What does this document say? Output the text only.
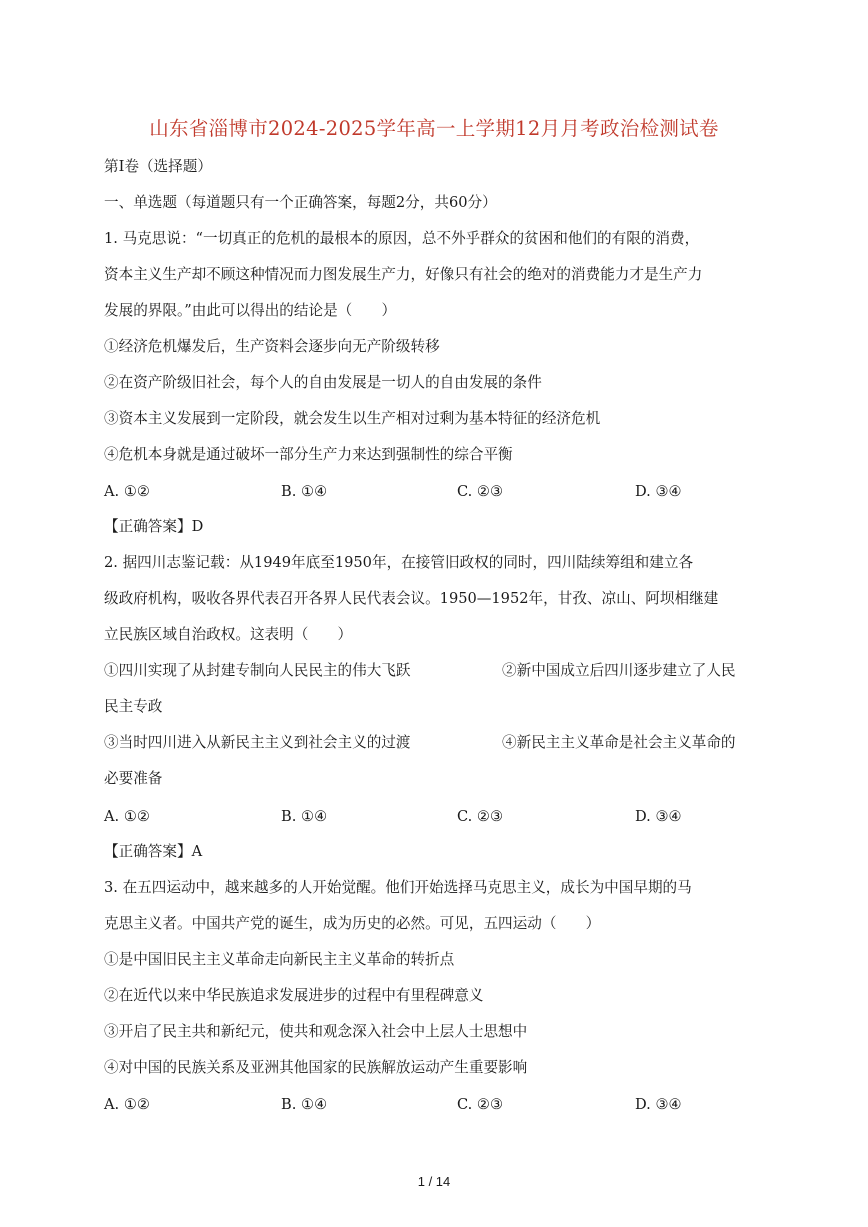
山东省淄博市2024-2025学年高一上学期12月月考政治检测试卷
第Ⅰ卷（选择题）
一、单选题（每道题只有一个正确答案，每题2分，共60分）
1. 马克思说：“一切真正的危机的最根本的原因，总不外乎群众的贫困和他们的有限的消费，
资本主义生产却不顾这种情况而力图发展生产力，好像只有社会的绝对的消费能力才是生产力
发展的界限。”由此可以得出的结论是（　　）
①经济危机爆发后，生产资料会逐步向无产阶级转移
②在资产阶级旧社会，每个人的自由发展是一切人的自由发展的条件
③资本主义发展到一定阶段，就会发生以生产相对过剩为基本特征的经济危机
④危机本身就是通过破坏一部分生产力来达到强制性的综合平衡
A. ①②	B. ①④	C. ②③	D. ③④
【正确答案】D
2. 据四川志鉴记载：从1949年底至1950年，在接管旧政权的同时，四川陆续筹组和建立各
级政府机构，吸收各界代表召开各界人民代表会议。1950—1952年，甘孜、凉山、阿坝相继建
立民族区域自治政权。这表明（　　）
①四川实现了从封建专制向人民民主的伟大飞跃	②新中国成立后四川逐步建立了人民
民主专政
③当时四川进入从新民主主义到社会主义的过渡	④新民主主义革命是社会主义革命的
必要准备
A. ①②	B. ①④	C. ②③	D. ③④
【正确答案】A
3. 在五四运动中，越来越多的人开始觉醒。他们开始选择马克思主义，成长为中国早期的马
克思主义者。中国共产党的诞生，成为历史的必然。可见，五四运动（　　）
①是中国旧民主主义革命走向新民主主义革命的转折点
②在近代以来中华民族追求发展进步的过程中有里程碑意义
③开启了民主共和新纪元，使共和观念深入社会中上层人士思想中
④对中国的民族关系及亚洲其他国家的民族解放运动产生重要影响
A. ①②	B. ①④	C. ②③	D. ③④
1 / 14
